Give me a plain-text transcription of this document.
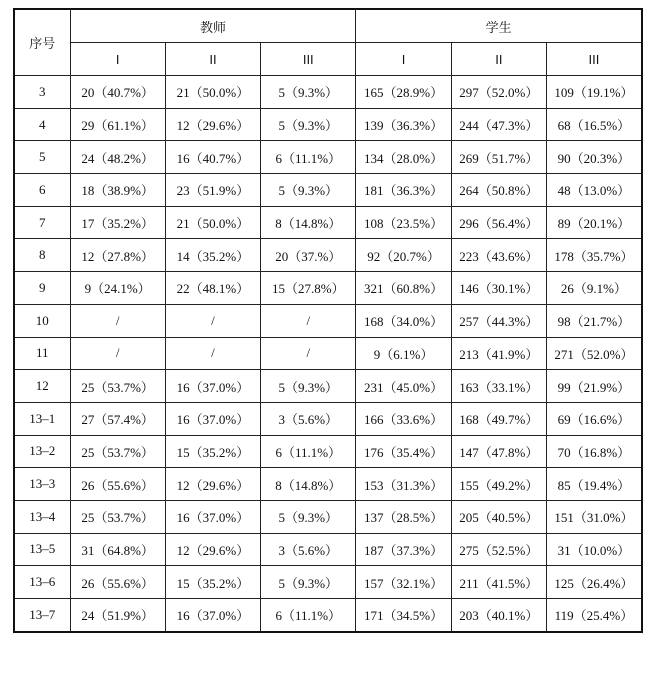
序号	教师			学生		
	I	II	III	I	II	III
3	20（40.7%）	21（50.0%）	5（9.3%）	165（28.9%）	297（52.0%）	109（19.1%）
4	29（61.1%）	12（29.6%）	5（9.3%）	139（36.3%）	244（47.3%）	68（16.5%）
5	24（48.2%）	16（40.7%）	6（11.1%）	134（28.0%）	269（51.7%）	90（20.3%）
6	18（38.9%）	23（51.9%）	5（9.3%）	181（36.3%）	264（50.8%）	48（13.0%）
7	17（35.2%）	21（50.0%）	8（14.8%）	108（23.5%）	296（56.4%）	89（20.1%）
8	12（27.8%）	14（35.2%）	20（37.%）	92（20.7%）	223（43.6%）	178（35.7%）
9	9（24.1%）	22（48.1%）	15（27.8%）	321（60.8%）	146（30.1%）	26（9.1%）
10	/	/	/	168（34.0%）	257（44.3%）	98（21.7%）
11	/	/	/	9（6.1%）	213（41.9%）	271（52.0%）
12	25（53.7%）	16（37.0%）	5（9.3%）	231（45.0%）	163（33.1%）	99（21.9%）
13–1	27（57.4%）	16（37.0%）	3（5.6%）	166（33.6%）	168（49.7%）	69（16.6%）
13–2	25（53.7%）	15（35.2%）	6（11.1%）	176（35.4%）	147（47.8%）	70（16.8%）
13–3	26（55.6%）	12（29.6%）	8（14.8%）	153（31.3%）	155（49.2%）	85（19.4%）
13–4	25（53.7%）	16（37.0%）	5（9.3%）	137（28.5%）	205（40.5%）	151（31.0%）
13–5	31（64.8%）	12（29.6%）	3（5.6%）	187（37.3%）	275（52.5%）	31（10.0%）
13–6	26（55.6%）	15（35.2%）	5（9.3%）	157（32.1%）	211（41.5%）	125（26.4%）
13–7	24（51.9%）	16（37.0%）	6（11.1%）	171（34.5%）	203（40.1%）	119（25.4%）
